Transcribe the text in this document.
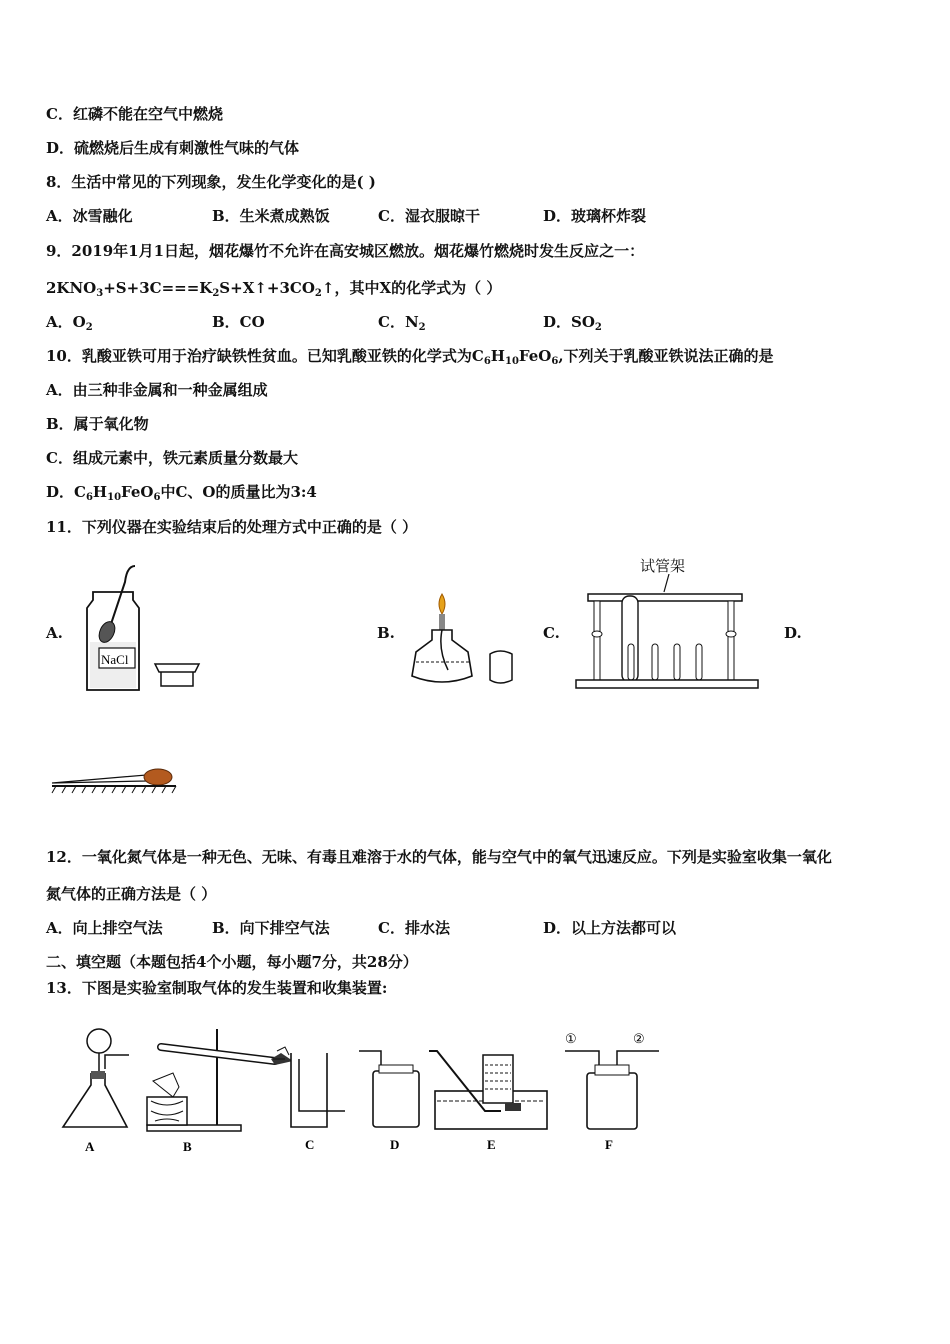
C．红磷不能在空气中燃烧
D．硫燃烧后生成有刺激性气味的气体
8．生活中常见的下列现象，发生化学变化的是( )
A．冰雪融化	B．生米煮成熟饭	C．湿衣服晾干	D．玻璃杯炸裂
9．2019年1月1日起，烟花爆竹不允许在高安城区燃放。烟花爆竹燃烧时发生反应之一：
$2KNO_3+S+3C===K_2S+X↑+3CO_2↑$，其中X的化学式为（ ）
A．$O_2$	B．CO	C．$N_2$	D．$SO_2$
10．乳酸亚铁可用于治疗缺铁性贫血。已知乳酸亚铁的化学式为$C_6H_{10}FeO_6$,下列关于乳酸亚铁说法正确的是
A．由三种非金属和一种金属组成
B．属于氧化物
C．组成元素中，铁元素质量分数最大
D．$C_6H_{10}FeO_6$中C、O的质量比为3:4
11．下列仪器在实验结束后的处理方式中正确的是（ ）
A.
NaCl
B.	C.
试管架
D.
12．一氧化氮气体是一种无色、无味、有毒且难溶于水的气体，能与空气中的氧气迅速反应。下列是实验室收集一氧化
氮气体的正确方法是（ ）
A．向上排空气法	B．向下排空气法	C．排水法	D．以上方法都可以
二、填空题（本题包括4个小题，每小题7分，共28分）
13．下图是实验室制取气体的发生装置和收集装置:
A	B	C	D	E
①	②
F
